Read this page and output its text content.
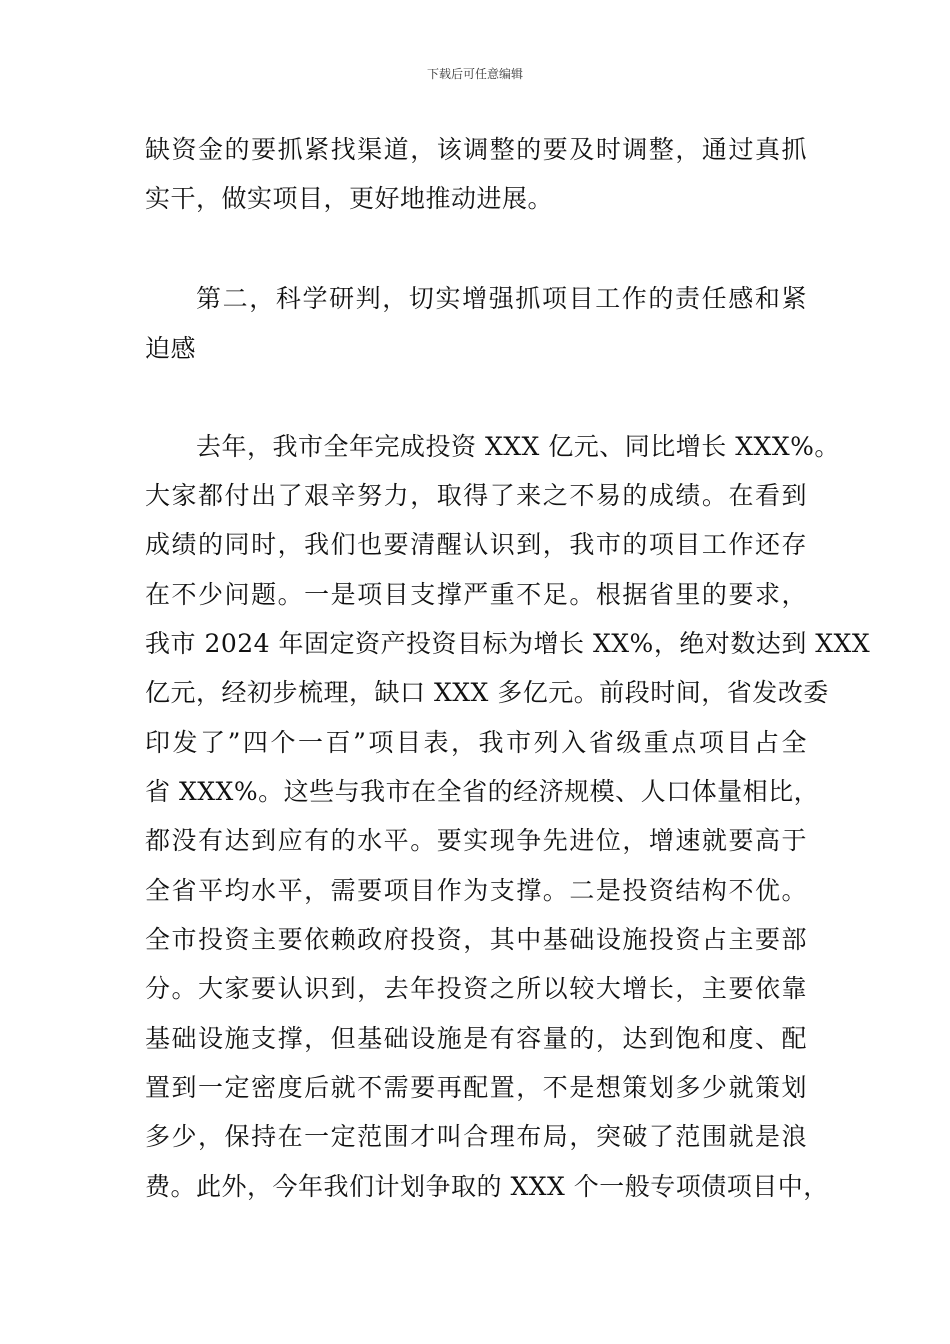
下载后可任意编辑
缺资金的要抓紧找渠道，该调整的要及时调整，通过真抓
实干，做实项目，更好地推动进展。
第二，科学研判，切实增强抓项目工作的责任感和紧
迫感
去年，我市全年完成投资 XXX 亿元、同比增长 XXX%。
大家都付出了艰辛努力，取得了来之不易的成绩。在看到
成绩的同时，我们也要清醒认识到，我市的项目工作还存
在不少问题。一是项目支撑严重不足。根据省里的要求，
我市 2024 年固定资产投资目标为增长 XX%，绝对数达到 XXX
亿元，经初步梳理，缺口 XXX 多亿元。前段时间，省发改委
印发了”四个一百”项目表，我市列入省级重点项目占全
省 XXX%。这些与我市在全省的经济规模、人口体量相比，
都没有达到应有的水平。要实现争先进位，增速就要高于
全省平均水平，需要项目作为支撑。二是投资结构不优。
全市投资主要依赖政府投资，其中基础设施投资占主要部
分。大家要认识到，去年投资之所以较大增长，主要依靠
基础设施支撑，但基础设施是有容量的，达到饱和度、配
置到一定密度后就不需要再配置，不是想策划多少就策划
多少，保持在一定范围才叫合理布局，突破了范围就是浪
费。此外，今年我们计划争取的 XXX 个一般专项债项目中，
